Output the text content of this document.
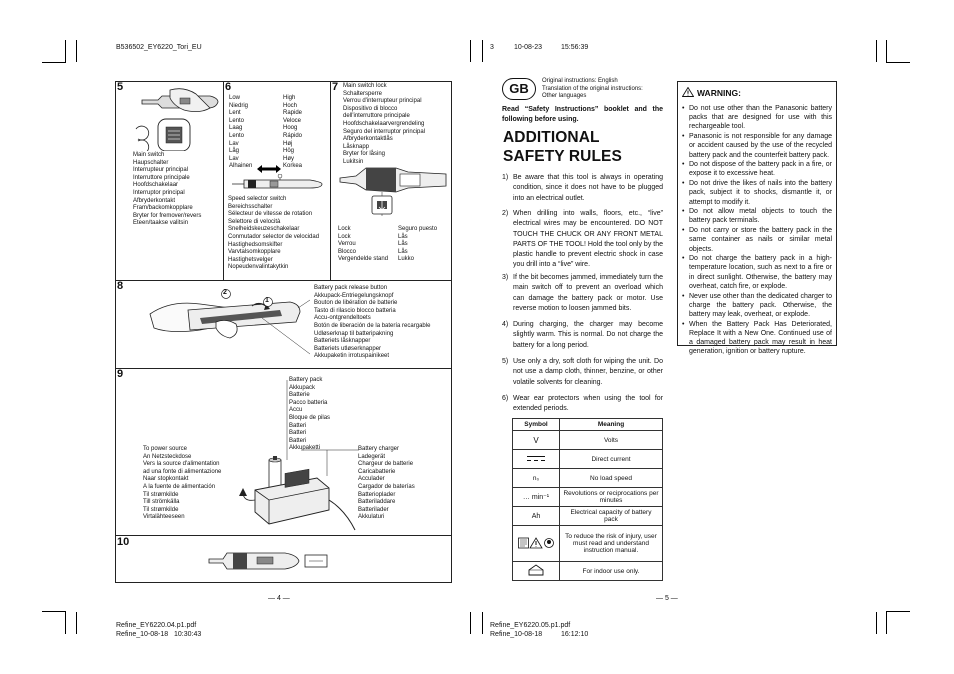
B536502_EY6220_Tori_EU	3	10-08-23	15:56:39
Refine_EY6220.04.p1.pdf
Refine_10-08-18 10:30:43
Refine_EY6220.05.p1.pdf
Refine_10-08-18	16:12:10
— 4 —	— 5 —
5
Main switch
Haupschalter
Interrupteur principal
Interruttore principale
Hoofdschakelaar
Interruptor principal
Afbryderkontakt
Fram/backomkopplare
Bryter for fremover/revers
Eteen/taakse valitsin
6
Low
Niedrig
Lent
Lento
Laag
Lento
Lav
Låg
Lav
Alhainen
High
Hoch
Rapide
Veloce
Hoog
Rápido
Høj
Hög
Høy
Korkea
Speed selector switch
Bereichsschalter
Sélecteur de vitesse de rotation
Selettore di velocità
Snelheidskeuzeschakelaar
Conmutador selector de velocidad
Hastighedsomskifter
Varvtalsomkopplare
Hastighetsvelger
Nopeudenvalintakytkin
7 Main switch lock
Schaltersperre
Verrou d'interrupteur principal
Dispositivo di blocco
dell'interruttore principale
Hoofdschakelaarvergrendeling
Seguro del interruptor principal
Afbryderkontaktlås
Låsknapp
Bryter for låsing
Lukitsin
Lock
Lock
Verrou
Blocco
Vergendelde stand
Seguro puesto
Lås
Lås
Lås
Lukko
8
2
1
Battery pack release button
Akkupack-Entriegelungsknopf
Bouton de libération de batterie
Tasto di rilascio blocco batteria
Accu-ontgrendeltoets
Botón de liberación de la batería recargable
Udløserknap til batteripakning
Batteriets låsknapper
Batteriets utløserknapper
Akkupaketin irrotuspainikeet
9	Battery pack
Akkupack
Batterie
Pacco batteria
Accu
Bloque de pilas
Batteri
Batteri
Batteri
Akkupaketti
To power source
An Netzsteckdose
Vers la source d'alimentation
ad una fonte di alimentazione
Naar stopkontakt
A la fuente de alimentación
Til strømkilde
Till strömkälla
Til strømkilde
Virtalähteeseen
Battery charger
Ladegerät
Chargeur de batterie
Caricabatterie
Acculader
Cargador de baterías
Batterioplader
Batteriladdare
Batterilader
Akkulaturi
10
GB	Original instructions: English
Translation of the original instructions:
Other languages
Read “Safety Instructions” booklet and the following before using.
ADDITIONAL
SAFETY RULES
1) Be aware that this tool is always in operating condition, since it does not have to be plugged into an electrical outlet.
2) When drilling into walls, floors, etc., “live” electrical wires may be encountered. DO NOT TOUCH THE CHUCK OR ANY FRONT METAL PARTS OF THE TOOL! Hold the tool only by the plastic handle to prevent electric shock in case you drill into a “live” wire.
3) If the bit becomes jammed, immediately turn the main switch off to prevent an overload which can damage the battery pack or motor. Use reverse motion to loosen jammed bits.
4) During charging, the charger may become slightly warm. This is normal. Do not charge the battery for a long period.
5) Use only a dry, soft cloth for wiping the unit. Do not use a damp cloth, thinner, benzine, or other volatile solvents for cleaning.
6) Wear ear protectors when using the tool for extended periods.
Symbol	Meaning
V	Volts
	Direct current
n₀	No load speed
… min⁻¹	Revolutions or reciprocations per minutes
Ah	Electrical capacity of battery pack
	To reduce the risk of injury, user must read and understand instruction manual.
	For indoor use only.
WARNING:
• Do not use other than the Panasonic battery packs that are designed for use with this rechargeable tool.
• Panasonic is not responsible for any damage or accident caused by the use of the recycled battery pack and the counterfeit battery pack.
• Do not dispose of the battery pack in a fire, or expose it to excessive heat.
• Do not drive the likes of nails into the battery pack, subject it to shocks, dismantle it, or attempt to modify it.
• Do not allow metal objects to touch the battery pack terminals.
• Do not carry or store the battery pack in the same container as nails or similar metal objects.
• Do not charge the battery pack in a high-temperature location, such as next to a fire or in direct sunlight. Otherwise, the battery may overheat, catch fire, or explode.
• Never use other than the dedicated charger to charge the battery pack. Otherwise, the battery may leak, overheat, or explode.
• When the Battery Pack Has Deteriorated, Replace It with a New One. Continued use of a damaged battery pack may result in heat generation, ignition or battery rupture.
